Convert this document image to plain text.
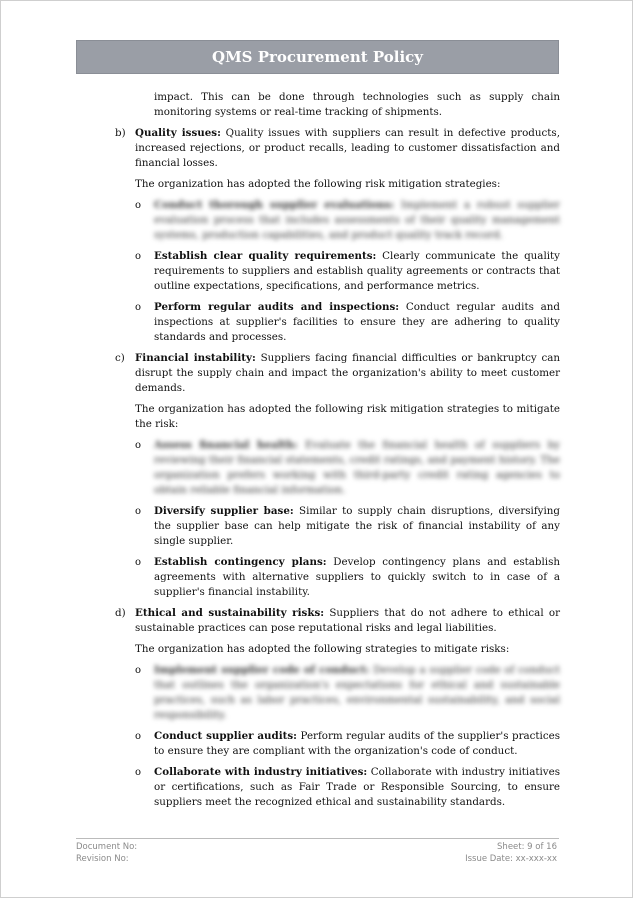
QMS Procurement Policy
impact. This can be done through technologies such as supply chain monitoring systems or real-time tracking of shipments.
b) Quality issues: Quality issues with suppliers can result in defective products, increased rejections, or product recalls, leading to customer dissatisfaction and financial losses.
The organization has adopted the following risk mitigation strategies:
o Conduct thorough supplier evaluations: Implement a robust supplier evaluation process that includes assessments of their quality management systems, production capabilities, and product quality track record.
o Establish clear quality requirements: Clearly communicate the quality requirements to suppliers and establish quality agreements or contracts that outline expectations, specifications, and performance metrics.
o Perform regular audits and inspections: Conduct regular audits and inspections at supplier's facilities to ensure they are adhering to quality standards and processes.
c) Financial instability: Suppliers facing financial difficulties or bankruptcy can disrupt the supply chain and impact the organization's ability to meet customer demands.
The organization has adopted the following risk mitigation strategies to mitigate the risk:
o Assess financial health: Evaluate the financial health of suppliers by reviewing their financial statements, credit ratings, and payment history. The organization prefers working with third-party credit rating agencies to obtain reliable financial information.
o Diversify supplier base: Similar to supply chain disruptions, diversifying the supplier base can help mitigate the risk of financial instability of any single supplier.
o Establish contingency plans: Develop contingency plans and establish agreements with alternative suppliers to quickly switch to in case of a supplier's financial instability.
d) Ethical and sustainability risks: Suppliers that do not adhere to ethical or sustainable practices can pose reputational risks and legal liabilities.
The organization has adopted the following strategies to mitigate risks:
o Implement supplier code of conduct: Develop a supplier code of conduct that outlines the organization's expectations for ethical and sustainable practices, such as labor practices, environmental sustainability, and social responsibility.
o Conduct supplier audits: Perform regular audits of the supplier's practices to ensure they are compliant with the organization's code of conduct.
o Collaborate with industry initiatives: Collaborate with industry initiatives or certifications, such as Fair Trade or Responsible Sourcing, to ensure suppliers meet the recognized ethical and sustainability standards.
Document No:
Revision No:
Sheet: 9 of 16
Issue Date: xx-xxx-xx
